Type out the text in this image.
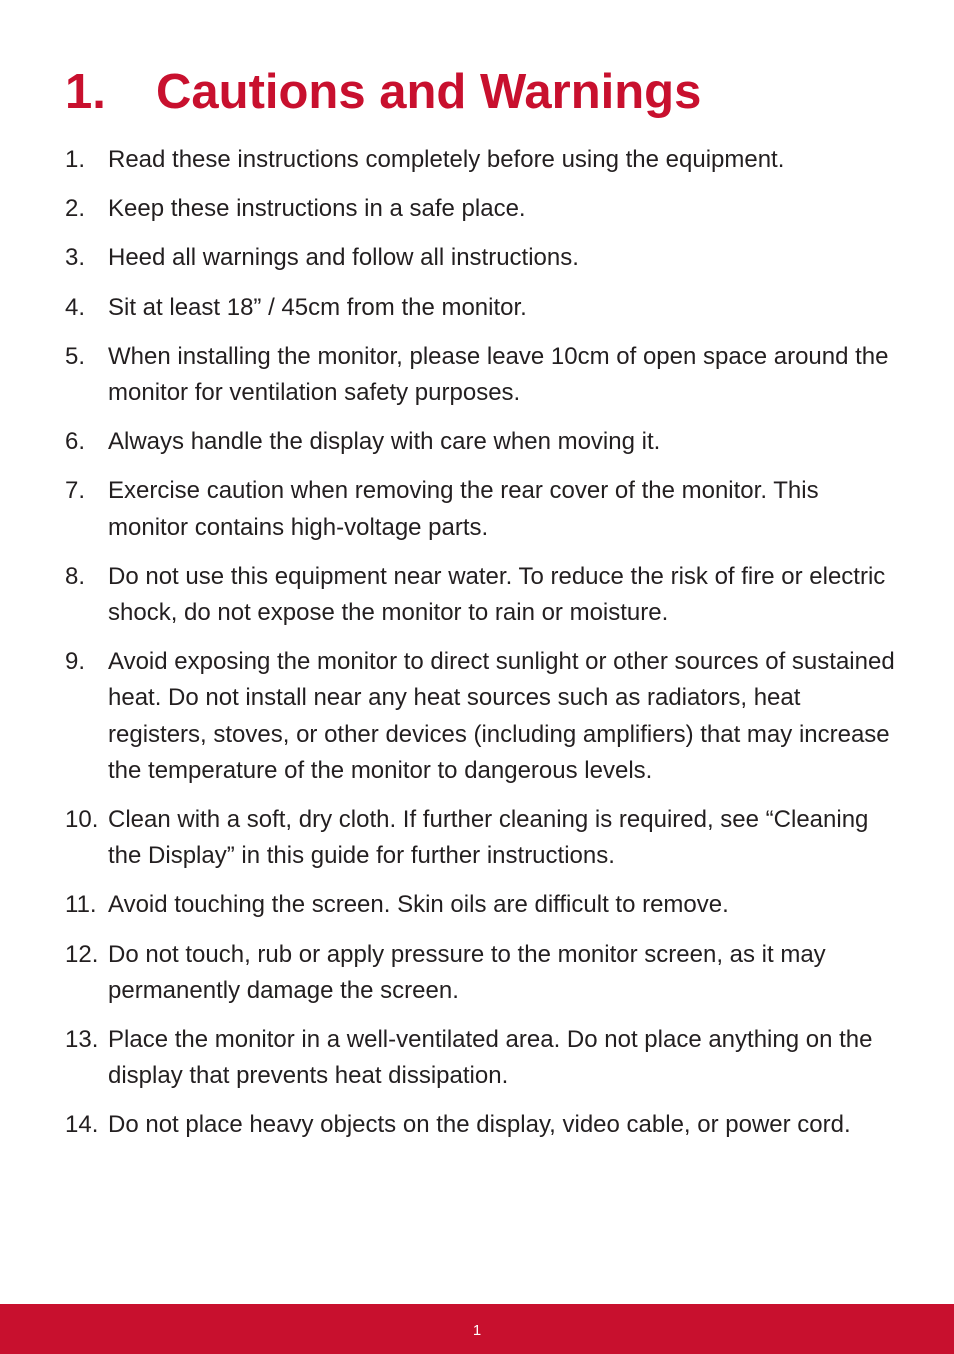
1. Cautions and Warnings
1. Read these instructions completely before using the equipment.
2. Keep these instructions in a safe place.
3. Heed all warnings and follow all instructions.
4. Sit at least 18” / 45cm from the monitor.
5. When installing the monitor, please leave 10cm of open space around the monitor for ventilation safety purposes.
6. Always handle the display with care when moving it.
7. Exercise caution when removing the rear cover of the monitor. This monitor contains high-voltage parts.
8. Do not use this equipment near water. To reduce the risk of fire or electric shock, do not expose the monitor to rain or moisture.
9. Avoid exposing the monitor to direct sunlight or other sources of sustained heat. Do not install near any heat sources such as radiators, heat registers, stoves, or other devices (including amplifiers) that may increase the temperature of the monitor to dangerous levels.
10. Clean with a soft, dry cloth. If further cleaning is required, see “Cleaning the Display” in this guide for further instructions.
11. Avoid touching the screen. Skin oils are difficult to remove.
12. Do not touch, rub or apply pressure to the monitor screen, as it may permanently damage the screen.
13. Place the monitor in a well-ventilated area. Do not place anything on the display that prevents heat dissipation.
14. Do not place heavy objects on the display, video cable, or power cord.
1
